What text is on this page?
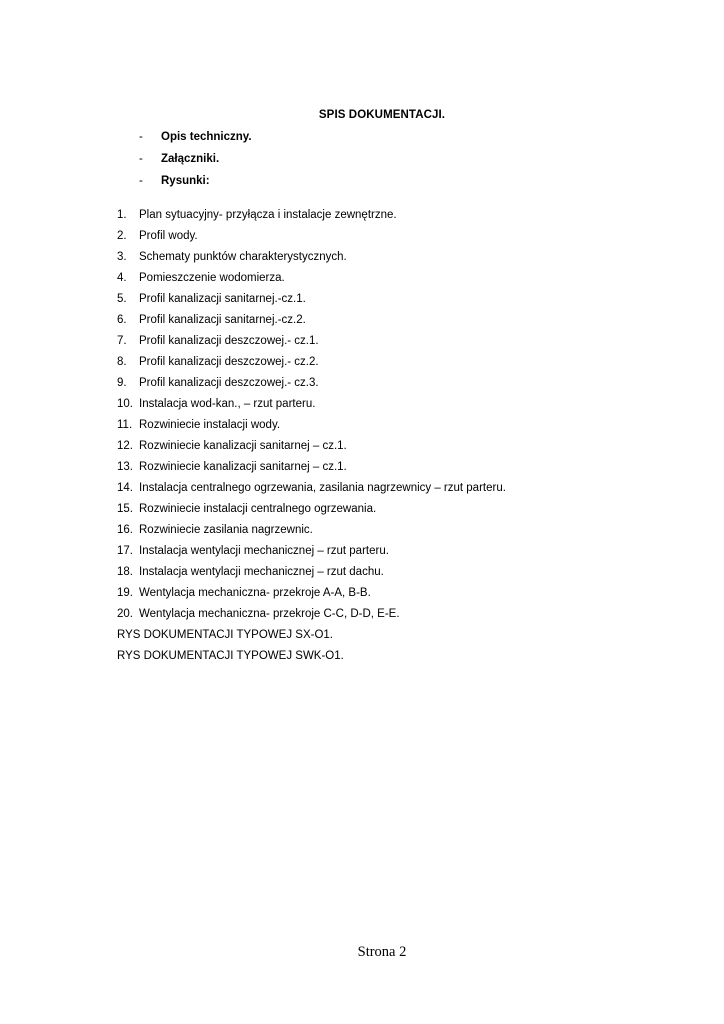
SPIS DOKUMENTACJI.
-	Opis techniczny.
-	Załączniki.
-	Rysunki:
1.	Plan sytuacyjny- przyłącza i instalacje zewnętrzne.
2.	Profil wody.
3.	Schematy punktów charakterystycznych.
4.	Pomieszczenie wodomierza.
5.	Profil kanalizacji sanitarnej.-cz.1.
6.	Profil kanalizacji sanitarnej.-cz.2.
7.	Profil kanalizacji deszczowej.- cz.1.
8.	Profil kanalizacji deszczowej.- cz.2.
9.	Profil kanalizacji deszczowej.- cz.3.
10. Instalacja wod-kan., – rzut parteru.
11. Rozwiniecie instalacji wody.
12. Rozwiniecie kanalizacji sanitarnej – cz.1.
13. Rozwiniecie kanalizacji sanitarnej – cz.1.
14. Instalacja centralnego ogrzewania, zasilania nagrzewnicy – rzut parteru.
15. Rozwiniecie instalacji centralnego ogrzewania.
16. Rozwiniecie zasilania nagrzewnic.
17. Instalacja wentylacji mechanicznej – rzut parteru.
18. Instalacja wentylacji mechanicznej – rzut dachu.
19. Wentylacja mechaniczna- przekroje A-A, B-B.
20. Wentylacja mechaniczna- przekroje C-C, D-D, E-E.
RYS DOKUMENTACJI TYPOWEJ SX-O1.
RYS DOKUMENTACJI TYPOWEJ SWK-O1.
Strona 2
